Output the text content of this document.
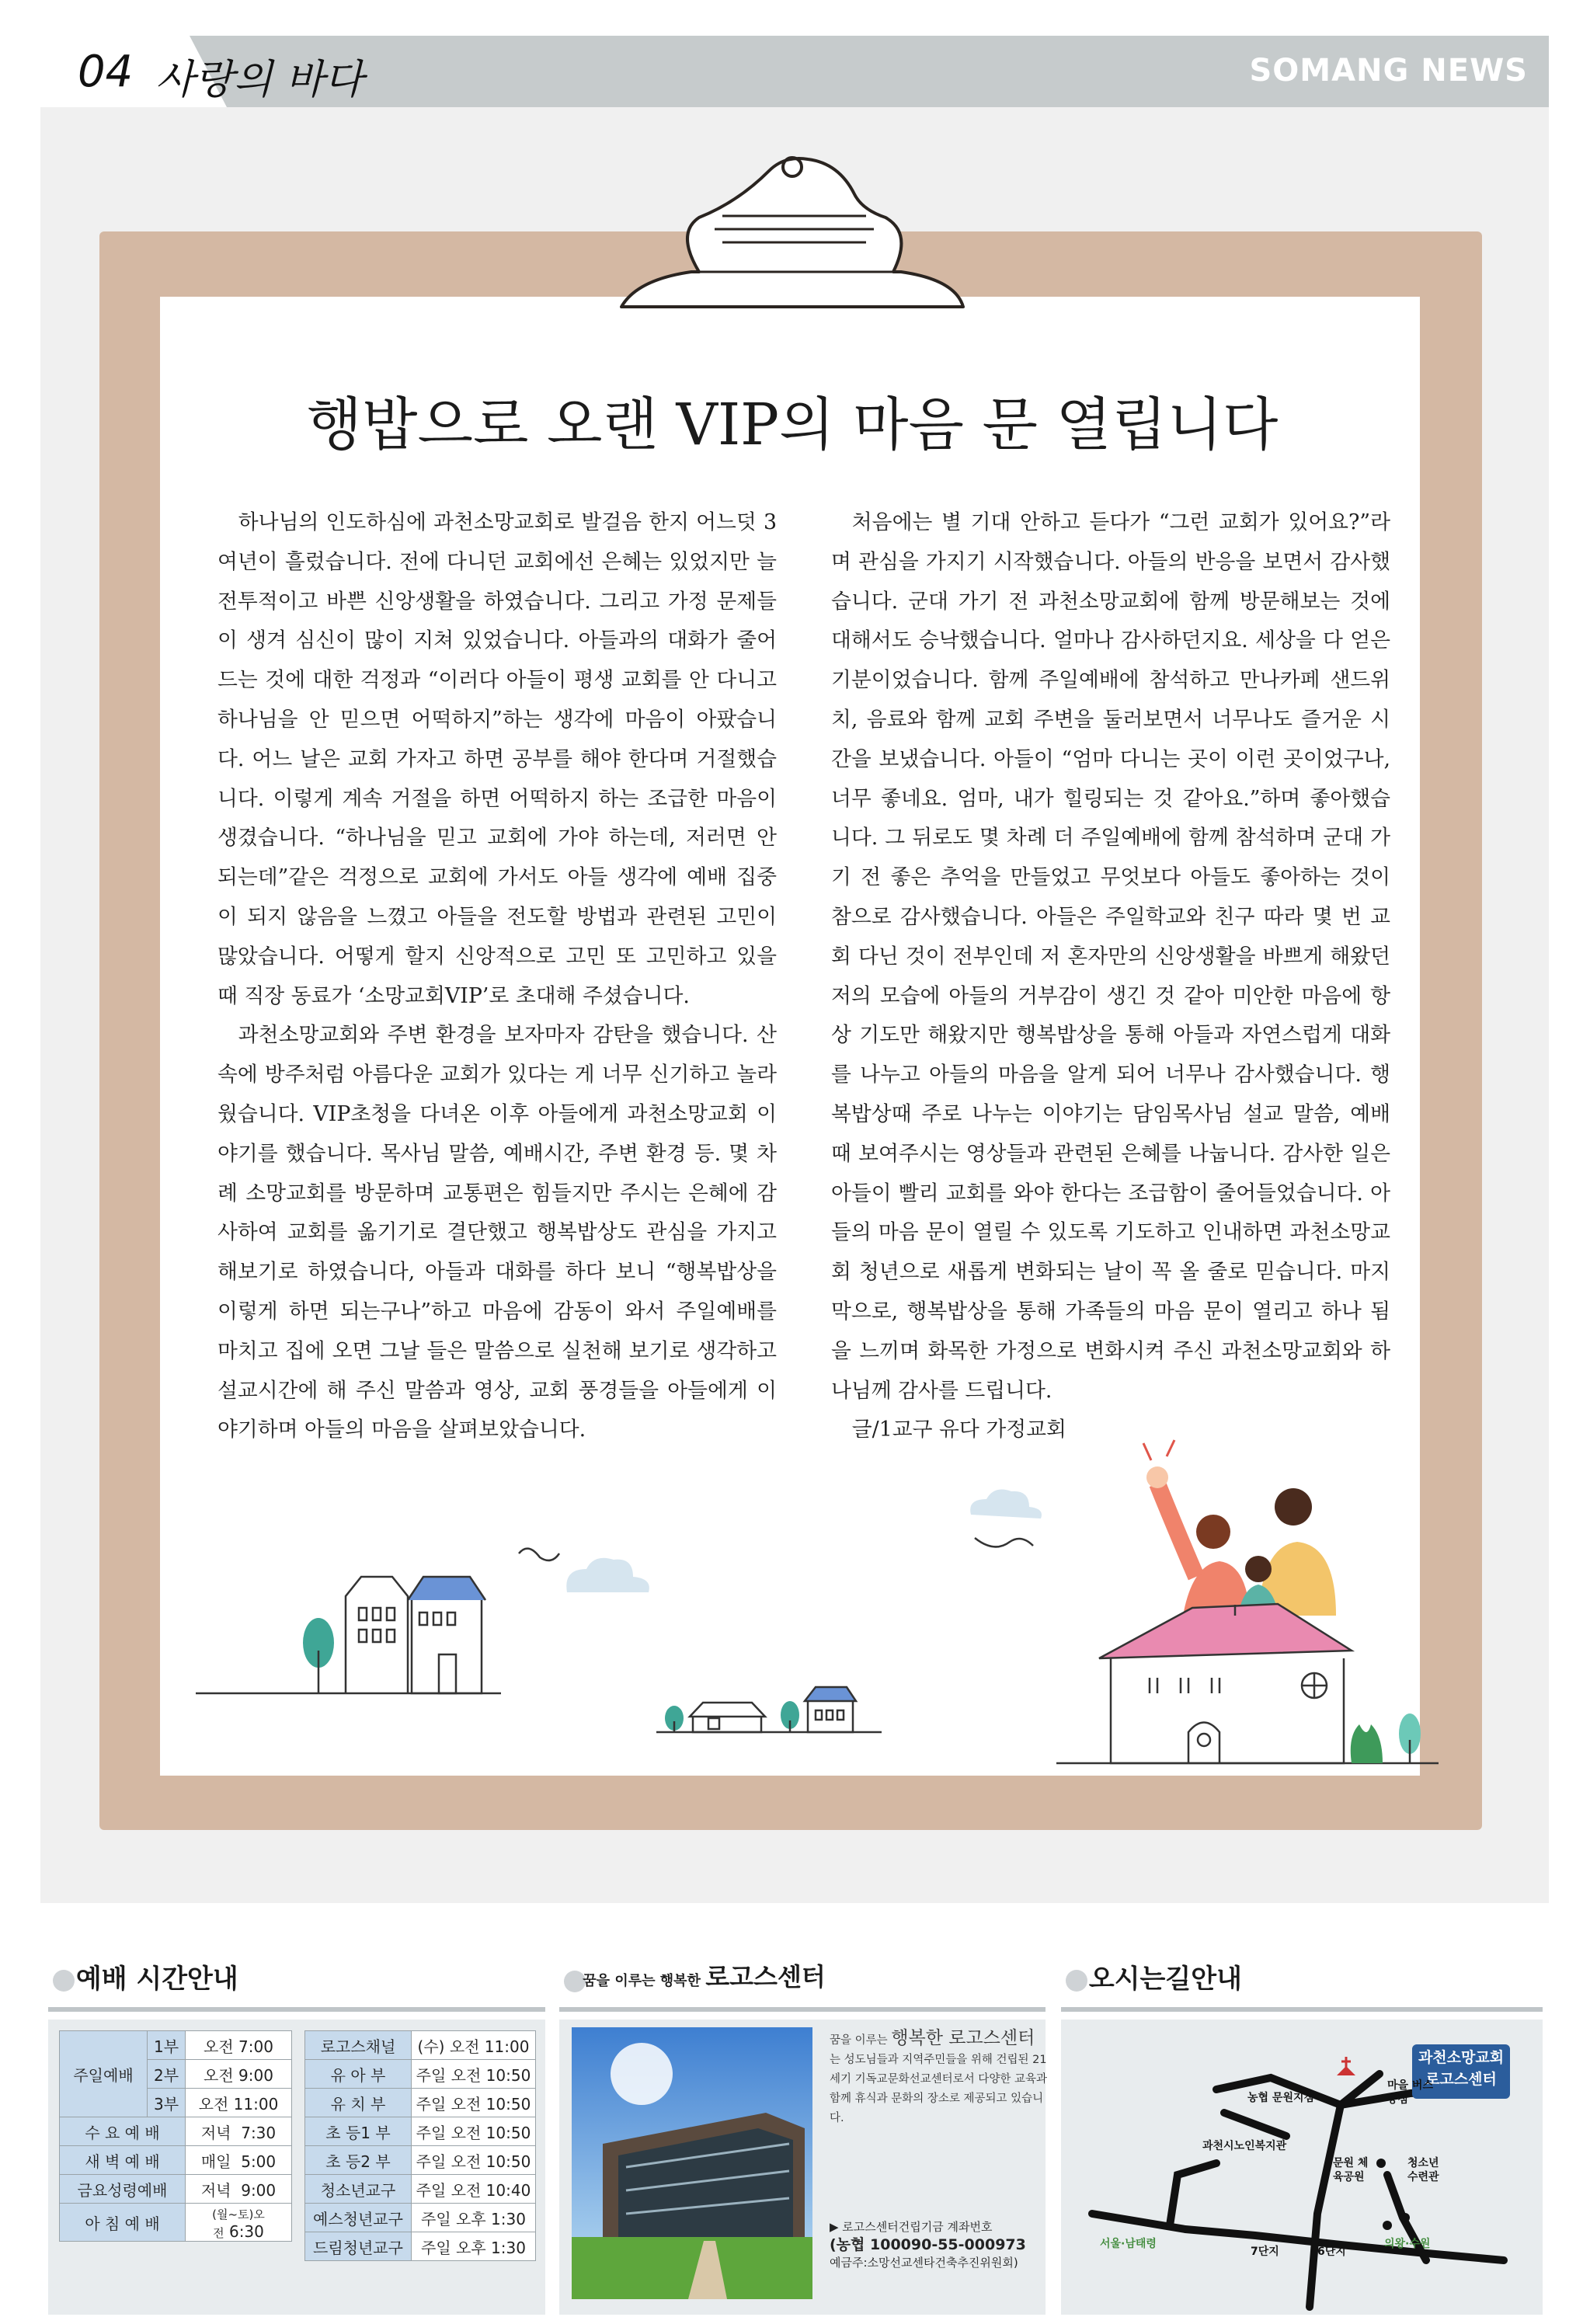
04 사랑의 바다	SOMANG NEWS
행밥으로 오랜 VIP의 마음 문 열립니다

하나님의 인도하심에 과천소망교회로 발걸음 한지 어느덧 3여년이 흘렀습니다. 전에 다니던 교회에선 은혜는 있었지만 늘 전투적이고 바쁜 신앙생활을 하였습니다. 그리고 가정 문제들이 생겨 심신이 많이 지쳐 있었습니다. 아들과의 대화가 줄어드는 것에 대한 걱정과 “이러다 아들이 평생 교회를 안 다니고 하나님을 안 믿으면 어떡하지”하는 생각에 마음이 아팠습니다. 어느 날은 교회 가자고 하면 공부를 해야 한다며 거절했습니다. 이렇게 계속 거절을 하면 어떡하지 하는 조급한 마음이 생겼습니다. “하나님을 믿고 교회에 가야 하는데, 저러면 안 되는데”같은 걱정으로 교회에 가서도 아들 생각에 예배 집중이 되지 않음을 느꼈고 아들을 전도할 방법과 관련된 고민이 많았습니다. 어떻게 할지 신앙적으로 고민 또 고민하고 있을 때 직장 동료가 ‘소망교회VIP’로 초대해 주셨습니다.

과천소망교회와 주변 환경을 보자마자 감탄을 했습니다. 산속에 방주처럼 아름다운 교회가 있다는 게 너무 신기하고 놀라웠습니다. VIP초청을 다녀온 이후 아들에게 과천소망교회 이야기를 했습니다. 목사님 말씀, 예배시간, 주변 환경 등. 몇 차례 소망교회를 방문하며 교통편은 힘들지만 주시는 은혜에 감사하여 교회를 옮기기로 결단했고 행복밥상도 관심을 가지고 해보기로 하였습니다, 아들과 대화를 하다 보니 “행복밥상을 이렇게 하면 되는구나”하고 마음에 감동이 와서 주일예배를 마치고 집에 오면 그날 들은 말씀으로 실천해 보기로 생각하고 설교시간에 해 주신 말씀과 영상, 교회 풍경들을 아들에게 이야기하며 아들의 마음을 살펴보았습니다.

처음에는 별 기대 안하고 듣다가 “그런 교회가 있어요?”라며 관심을 가지기 시작했습니다. 아들의 반응을 보면서 감사했습니다. 군대 가기 전 과천소망교회에 함께 방문해보는 것에 대해서도 승낙했습니다. 얼마나 감사하던지요. 세상을 다 얻은 기분이었습니다. 함께 주일예배에 참석하고 만나카페 샌드위치, 음료와 함께 교회 주변을 둘러보면서 너무나도 즐거운 시간을 보냈습니다. 아들이 “엄마 다니는 곳이 이런 곳이었구나, 너무 좋네요. 엄마, 내가 힐링되는 것 같아요.”하며 좋아했습니다. 그 뒤로도 몇 차례 더 주일예배에 함께 참석하며 군대 가기 전 좋은 추억을 만들었고 무엇보다 아들도 좋아하는 것이 참으로 감사했습니다. 아들은 주일학교와 친구 따라 몇 번 교회 다닌 것이 전부인데 저 혼자만의 신앙생활을 바쁘게 해왔던 저의 모습에 아들의 거부감이 생긴 것 같아 미안한 마음에 항상 기도만 해왔지만 행복밥상을 통해 아들과 자연스럽게 대화를 나누고 아들의 마음을 알게 되어 너무나 감사했습니다. 행복밥상때 주로 나누는 이야기는 담임목사님 설교 말씀, 예배 때 보여주시는 영상들과 관련된 은혜를 나눕니다. 감사한 일은 아들이 빨리 교회를 와야 한다는 조급함이 줄어들었습니다. 아들의 마음 문이 열릴 수 있도록 기도하고 인내하면 과천소망교회 청년으로 새롭게 변화되는 날이 꼭 올 줄로 믿습니다. 마지막으로, 행복밥상을 통해 가족들의 마음 문이 열리고 하나 됨을 느끼며 화목한 가정으로 변화시켜 주신 과천소망교회와 하나님께 감사를 드립니다.

글/1교구 유다 가정교회

예배 시간안내
주일예배	1부	오전 7:00
	2부	오전 9:00
	3부	오전 11:00
수 요 예 배		저녁 7:30
새 벽 예 배		매일 5:00
금요성령예배		저녁 9:00
아 침 예 배		(월~토)오전 6:30
로고스채널	(수) 오전 11:00
유 아 부	주일 오전 10:50
유 치 부	주일 오전 10:50
초 등1 부	주일 오전 10:50
초 등2 부	주일 오전 10:50
청소년교구	주일 오전 10:40
예스청년교구	주일 오후 1:30
드림청년교구	주일 오후 1:30
꿈을 이루는 행복한 로고스센터
꿈을 이루는 행복한 로고스센터 는 성도님들과 지역주민들을 위해 건립된 21세기 기독교문화선교센터로서 다양한 교육과 함께 휴식과 문화의 장소로 제공되고 있습니다.
▶ 로고스센터건립기금 계좌번호
(농협 100090-55-000973
예금주:소망선교센타건축추진위원회)
오시는길안내
과천소망교회
로고스센터
농협 문원지점
마을 버스종점
과천시노인복지관
문원 체육공원
청소년 수련관
서울·남태령
7단지	6단지
의왕·수원
